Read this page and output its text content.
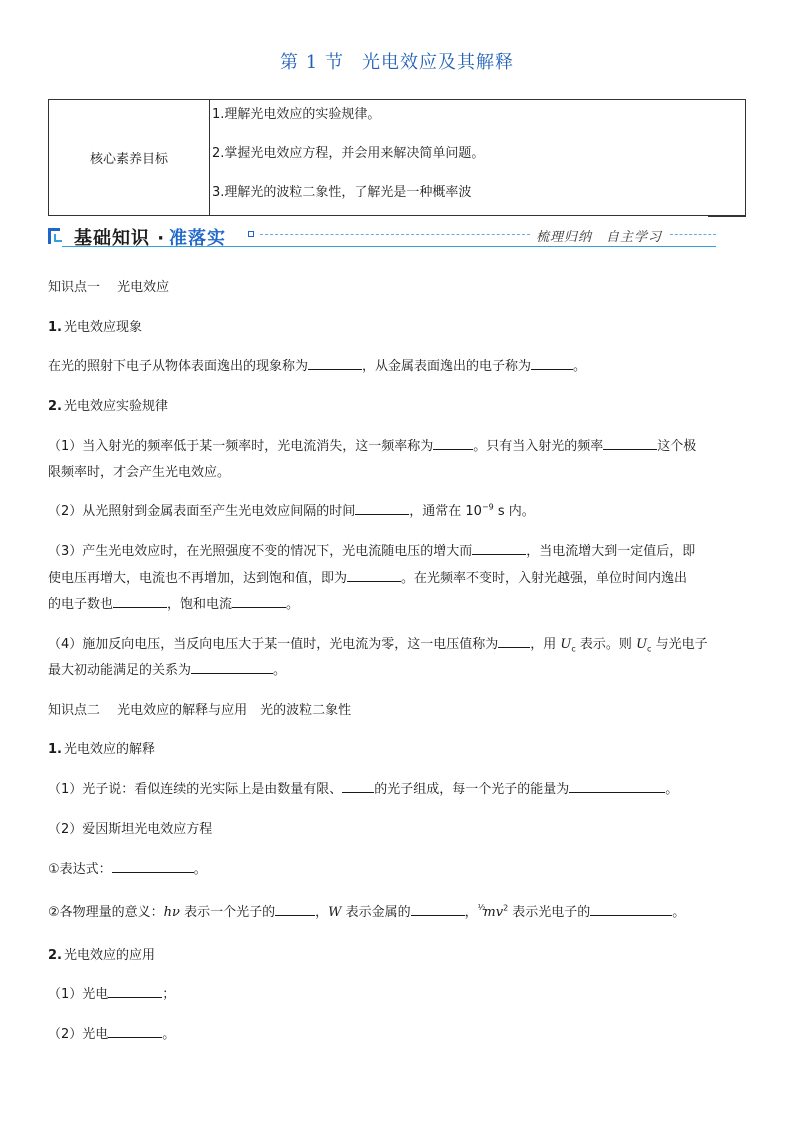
第 1 节 光电效应及其解释
核心素养目标
1.理解光电效应的实验规律。
2.掌握光电效应方程，并会用来解决简单问题。
3.理解光的波粒二象性，了解光是一种概率波
基础知识 · 准落实	梳理归纳　自主学习
知识点一　 光电效应
1. 光电效应现象
在光的照射下电子从物体表面逸出的现象称为	，从金属表面逸出的电子称为	。
2. 光电效应实验规律
（1）当入射光的频率低于某一频率时，光电流消失，这一频率称为	。只有当入射光的频率	这个极
限频率时，才会产生光电效应。
（2）从光照射到金属表面至产生光电效应间隔的时间	，通常在 $10^{-9}$ s 内。
（3）产生光电效应时，在光照强度不变的情况下，光电流随电压的增大而	，当电流增大到一定值后，即
使电压再增大，电流也不再增加，达到饱和值，即为	。在光频率不变时，入射光越强，单位时间内逸出
的电子数也	，饱和电流	。
（4）施加反向电压，当反向电压大于某一值时，光电流为零，这一电压值称为 ，用 $U_c$ 表示。则 $U_c$ 与光电子
最大初动能满足的关系为	。
知识点二　 光电效应的解释与应用　光的波粒二象性
1. 光电效应的解释
（1）光子说：看似连续的光实际上是由数量有限、 的光子组成，每一个光子的能量为	。
（2）爱因斯坦光电效应方程
①表达式：	。
②各物理量的意义：hν 表示一个光子的	，W 表示金属的	，$\frac{1}{2}mv^2$ 表示光电子的	。
2. 光电效应的应用
（1）光电	；
（2）光电	。
